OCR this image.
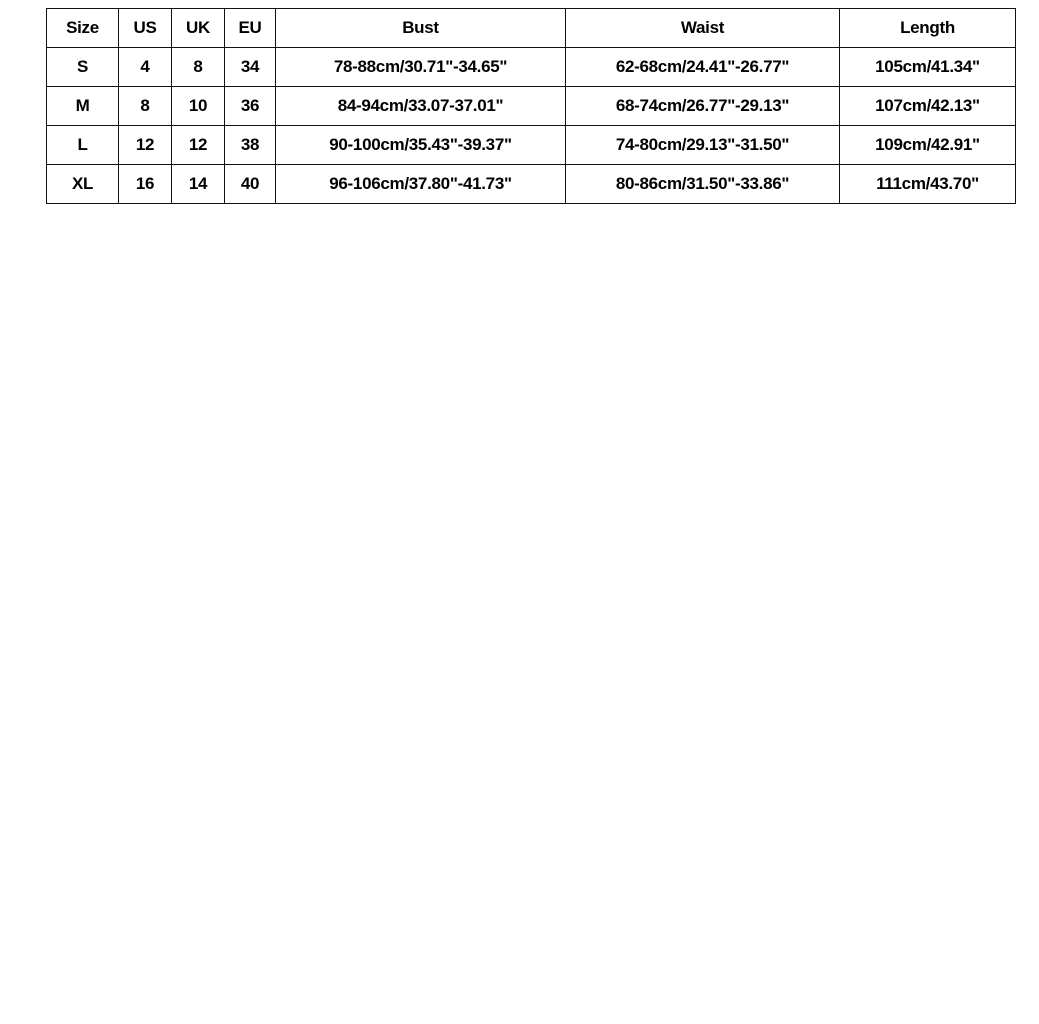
Size	US	UK	EU	Bust	Waist	Length
S	4	8	34	78-88cm/30.71"-34.65"	62-68cm/24.41"-26.77"	105cm/41.34"
M	8	10	36	84-94cm/33.07-37.01"	68-74cm/26.77"-29.13"	107cm/42.13"
L	12	12	38	90-100cm/35.43"-39.37"	74-80cm/29.13"-31.50"	109cm/42.91"
XL	16	14	40	96-106cm/37.80"-41.73"	80-86cm/31.50"-33.86"	111cm/43.70"
